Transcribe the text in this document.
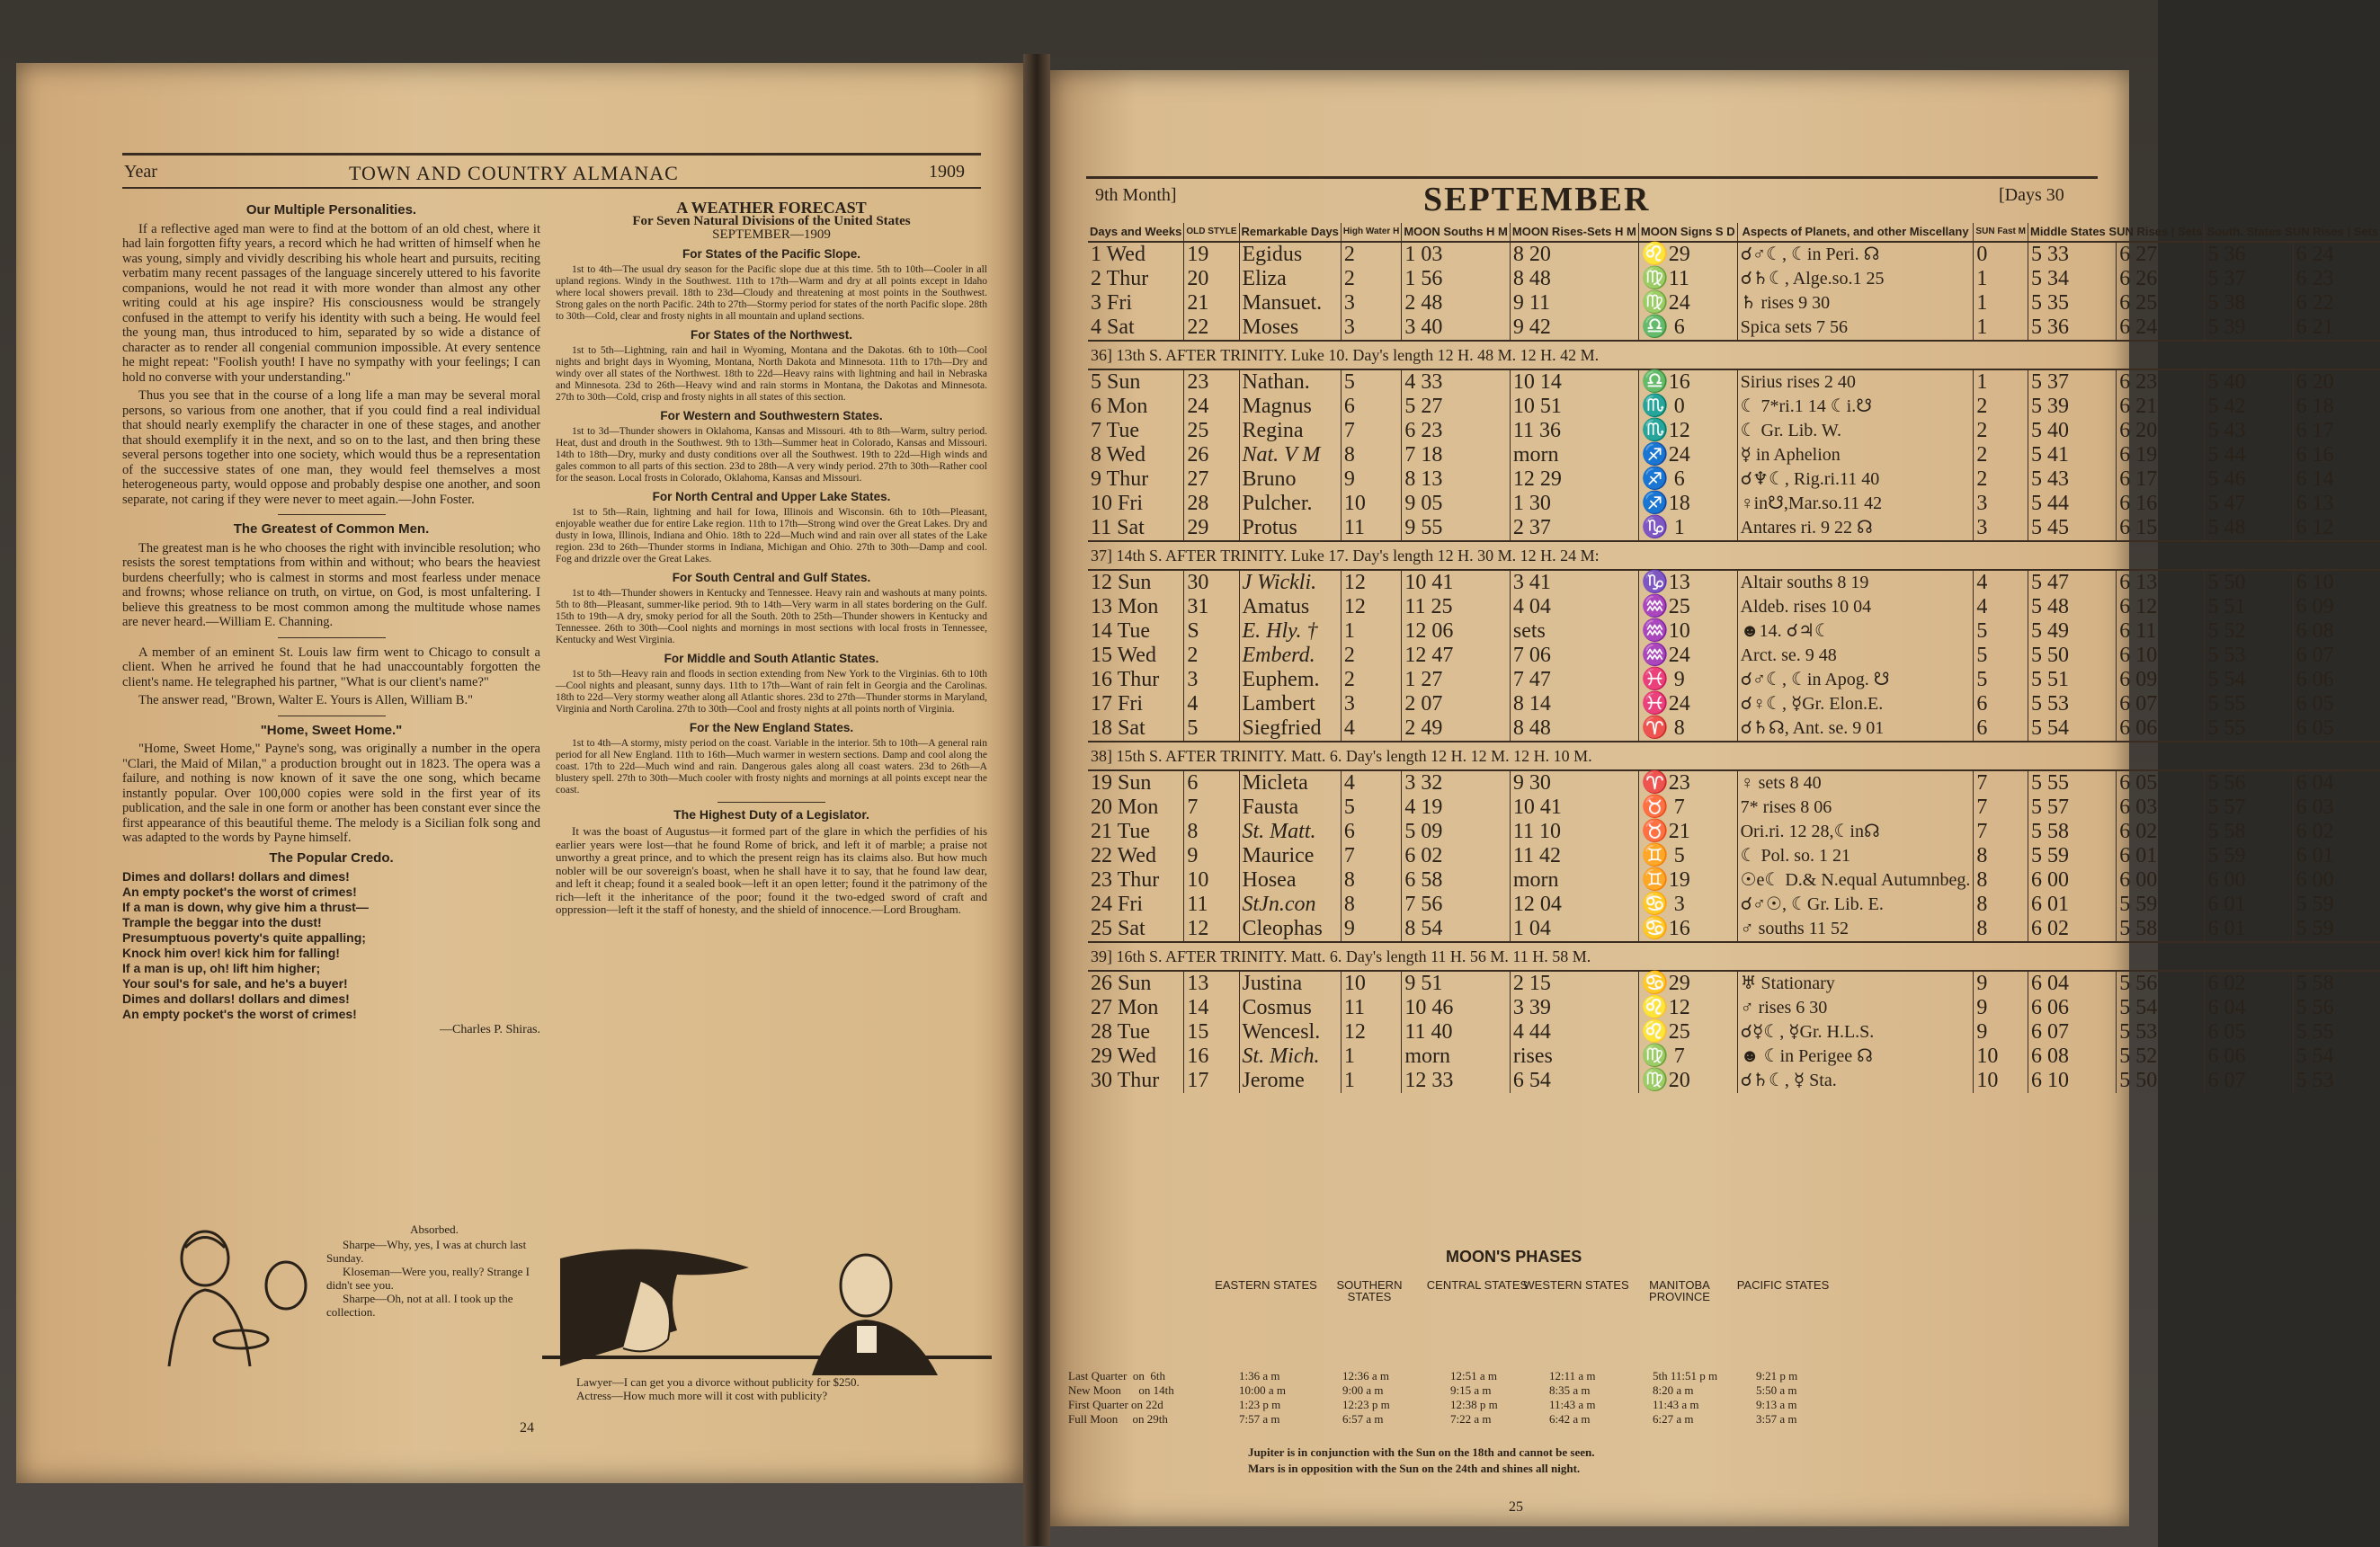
Year	TOWN AND COUNTRY ALMANAC	1909
Our Multiple Personalities.

If a reflective aged man were to find at the bottom of an old chest, where it had lain forgotten fifty years, a record which he had written of himself when he was young, simply and vividly describing his whole heart and pursuits, reciting verbatim many recent passages of the language sincerely uttered to his favorite companions, would he not read it with more wonder than almost any other writing could at his age inspire? His consciousness would be strangely confused in the attempt to verify his identity with such a being. He would feel the young man, thus introduced to him, separated by so wide a distance of character as to render all congenial communion impossible. At every sentence he might repeat: "Foolish youth! I have no sympathy with your feelings; I can hold no converse with your understanding."

Thus you see that in the course of a long life a man may be several moral persons, so various from one another, that if you could find a real individual that should nearly exemplify the character in one of these stages, and another that should exemplify it in the next, and so on to the last, and then bring these several persons together into one society, which would thus be a representation of the successive states of one man, they would feel themselves a most heterogeneous party, would oppose and probably despise one another, and soon separate, not caring if they were never to meet again.—John Foster.

The Greatest of Common Men.

The greatest man is he who chooses the right with invincible resolution; who resists the sorest temptations from within and without; who bears the heaviest burdens cheerfully; who is calmest in storms and most fearless under menace and frowns; whose reliance on truth, on virtue, on God, is most unfaltering. I believe this greatness to be most common among the multitude whose names are never heard.—William E. Channing.

A member of an eminent St. Louis law firm went to Chicago to consult a client. When he arrived he found that he had unaccountably forgotten the client's name. He telegraphed his partner, "What is our client's name?"

The answer read, "Brown, Walter E. Yours is Allen, William B."

"Home, Sweet Home."

"Home, Sweet Home," Payne's song, was originally a number in the opera "Clari, the Maid of Milan," a production brought out in 1823. The opera was a failure, and nothing is now known of it save the one song, which became instantly popular. Over 100,000 copies were sold in the first year of its publication, and the sale in one form or another has been constant ever since the first appearance of this beautiful theme. The melody is a Sicilian folk song and was adapted to the words by Payne himself.

The Popular Credo.
Dimes and dollars! dollars and dimes!
An empty pocket's the worst of crimes!
If a man is down, why give him a thrust—
Trample the beggar into the dust!
Presumptuous poverty's quite appalling;
Knock him over! kick him for falling!
If a man is up, oh! lift him higher;
Your soul's for sale, and he's a buyer!
Dimes and dollars! dollars and dimes!
An empty pocket's the worst of crimes!
—Charles P. Shiras.
Absorbed.
Sharpe—Why, yes, I was at church last Sunday.
Kloseman—Were you, really? Strange I didn't see you.
Sharpe—Oh, not at all. I took up the collection.
A WEATHER FORECAST
For Seven Natural Divisions of the United States
SEPTEMBER—1909
For States of the Pacific Slope.

1st to 4th—The usual dry season for the Pacific slope due at this time. 5th to 10th—Cooler in all upland regions. Windy in the Southwest. 11th to 17th—Warm and dry at all points except in Idaho where local showers prevail. 18th to 23d—Cloudy and threatening at most points in the Southwest. Strong gales on the north Pacific. 24th to 27th—Stormy period for states of the north Pacific slope. 28th to 30th—Cold, clear and frosty nights in all mountain and upland sections.

For States of the Northwest.

1st to 5th—Lightning, rain and hail in Wyoming, Montana and the Dakotas. 6th to 10th—Cool nights and bright days in Wyoming, Montana, North Dakota and Minnesota. 11th to 17th—Dry and windy over all states of the Northwest. 18th to 22d—Heavy rains with lightning and hail in Nebraska and Minnesota. 23d to 26th—Heavy wind and rain storms in Montana, the Dakotas and Minnesota. 27th to 30th—Cold, crisp and frosty nights in all states of this section.

For Western and Southwestern States.

1st to 3d—Thunder showers in Oklahoma, Kansas and Missouri. 4th to 8th—Warm, sultry period. Heat, dust and drouth in the Southwest. 9th to 13th—Summer heat in Colorado, Kansas and Missouri. 14th to 18th—Dry, murky and dusty conditions over all the Southwest. 19th to 22d—High winds and gales common to all parts of this section. 23d to 28th—A very windy period. 27th to 30th—Rather cool for the season. Local frosts in Colorado, Oklahoma, Kansas and Missouri.

For North Central and Upper Lake States.

1st to 5th—Rain, lightning and hail for Iowa, Illinois and Wisconsin. 6th to 10th—Pleasant, enjoyable weather due for entire Lake region. 11th to 17th—Strong wind over the Great Lakes. Dry and dusty in Iowa, Illinois, Indiana and Ohio. 18th to 22d—Much wind and rain over all states of the Lake region. 23d to 26th—Thunder storms in Indiana, Michigan and Ohio. 27th to 30th—Damp and cool. Fog and drizzle over the Great Lakes.

For South Central and Gulf States.

1st to 4th—Thunder showers in Kentucky and Tennessee. Heavy rain and washouts at many points. 5th to 8th—Pleasant, summer-like period. 9th to 14th—Very warm in all states bordering on the Gulf. 15th to 19th—A dry, smoky period for all the South. 20th to 25th—Thunder showers in Kentucky and Tennessee. 26th to 30th—Cool nights and mornings in most sections with local frosts in Tennessee, Kentucky and West Virginia.

For Middle and South Atlantic States.

1st to 5th—Heavy rain and floods in section extending from New York to the Virginias. 6th to 10th—Cool nights and pleasant, sunny days. 11th to 17th—Want of rain felt in Georgia and the Carolinas. 18th to 22d—Very stormy weather along all Atlantic shores. 23d to 27th—Thunder storms in Maryland, Virginia and North Carolina. 27th to 30th—Cool and frosty nights at all points north of Virginia.

For the New England States.

1st to 4th—A stormy, misty period on the coast. Variable in the interior. 5th to 10th—A general rain period for all New England. 11th to 16th—Much warmer in western sections. Damp and cool along the coast. 17th to 22d—Much wind and rain. Dangerous gales along all coast waters. 23d to 26th—A blustery spell. 27th to 30th—Much cooler with frosty nights and mornings at all points except near the coast.

The Highest Duty of a Legislator.

It was the boast of Augustus—it formed part of the glare in which the perfidies of his earlier years were lost—that he found Rome of brick, and left it of marble; a praise not unworthy a great prince, and to which the present reign has its claims also. But how much nobler will be our sovereign's boast, when he shall have it to say, that he found law dear, and left it cheap; found it a sealed book—left it an open letter; found it the patrimony of the rich—left it the inheritance of the poor; found it the two-edged sword of craft and oppression—left it the staff of honesty, and the shield of innocence.—Lord Brougham.

Lawyer—I can get you a divorce without publicity for $250.
Actress—How much more will it cost with publicity?
24
9th Month]	SEPTEMBER	[Days 30
Days and Weeks	OLD STYLE	Remarkable Days	High Water H	MOON Souths H M	MOON Rises-Sets H M	MOON Signs S D	Aspects of Planets, and other Miscellany	SUN Fast M	Middle States SUN Rises | Sets		South. States SUN Rises | Sets	
1 Wed	19	Egidus	2	1 03	8 20	♌29	☌♂☾, ☾in Peri. ☊	0	5 33	6 27	5 36	6 24
2 Thur	20	Eliza	2	1 56	8 48	♍11	☌♄☾, Alge.so.1 25	1	5 34	6 26	5 37	6 23
3 Fri	21	Mansuet.	3	2 48	9 11	♍24	♄ rises 9 30	1	5 35	6 25	5 38	6 22
4 Sat	22	Moses	3	3 40	9 42	♎ 6	Spica sets 7 56	1	5 36	6 24	5 39	6 21
36] 13th S. AFTER TRINITY. Luke 10. Day's length 12 H. 48 M. 12 H. 42 M.												
5 Sun	23	Nathan.	5	4 33	10 14	♎16	Sirius rises 2 40	1	5 37	6 23	5 40	6 20
6 Mon	24	Magnus	6	5 27	10 51	♏ 0	☾ 7*ri.1 14 ☾i.☋	2	5 39	6 21	5 42	6 18
7 Tue	25	Regina	7	6 23	11 36	♏12	☾ Gr. Lib. W.	2	5 40	6 20	5 43	6 17
8 Wed	26	Nat. V M	8	7 18	morn	♐24	☿ in Aphelion	2	5 41	6 19	5 44	6 16
9 Thur	27	Bruno	9	8 13	12 29	♐ 6	☌♆☾, Rig.ri.11 40	2	5 43	6 17	5 46	6 14
10 Fri	28	Pulcher.	10	9 05	1 30	♐18	♀in☋,Mar.so.11 42	3	5 44	6 16	5 47	6 13
11 Sat	29	Protus	11	9 55	2 37	♑ 1	Antares ri. 9 22 ☊	3	5 45	6 15	5 48	6 12
37] 14th S. AFTER TRINITY. Luke 17. Day's length 12 H. 30 M. 12 H. 24 M:												
12 Sun	30	J Wickli.	12	10 41	3 41	♑13	Altair souths 8 19	4	5 47	6 13	5 50	6 10
13 Mon	31	Amatus	12	11 25	4 04	♒25	Aldeb. rises 10 04	4	5 48	6 12	5 51	6 09
14 Tue	S	E. Hly. †	1	12 06	sets	♒10	☻14. ☌♃☾	5	5 49	6 11	5 52	6 08
15 Wed	2	Emberd.	2	12 47	7 06	♒24	Arct. se. 9 48	5	5 50	6 10	5 53	6 07
16 Thur	3	Euphem.	2	1 27	7 47	♓ 9	☌♂☾, ☾in Apog. ☋	5	5 51	6 09	5 54	6 06
17 Fri	4	Lambert	3	2 07	8 14	♓24	☌♀☾, ☿Gr. Elon.E.	6	5 53	6 07	5 55	6 05
18 Sat	5	Siegfried	4	2 49	8 48	♈ 8	☌♄☊, Ant. se. 9 01	6	5 54	6 06	5 55	6 05
38] 15th S. AFTER TRINITY. Matt. 6. Day's length 12 H. 12 M. 12 H. 10 M.												
19 Sun	6	Micleta	4	3 32	9 30	♈23	♀ sets 8 40	7	5 55	6 05	5 56	6 04
20 Mon	7	Fausta	5	4 19	10 41	♉ 7	7* rises 8 06	7	5 57	6 03	5 57	6 03
21 Tue	8	St. Matt.	6	5 09	11 10	♉21	Ori.ri. 12 28,☾in☊	7	5 58	6 02	5 58	6 02
22 Wed	9	Maurice	7	6 02	11 42	♊ 5	☾ Pol. so. 1 21	8	5 59	6 01	5 59	6 01
23 Thur	10	Hosea	8	6 58	morn	♊19	☉e☾ D.& N.equal Autumnbeg.	8	6 00	6 00	6 00	6 00
24 Fri	11	StJn.con	8	7 56	12 04	♋ 3	☌♂☉, ☾Gr. Lib. E.	8	6 01	5 59	6 01	5 59
25 Sat	12	Cleophas	9	8 54	1 04	♋16	♂ souths 11 52	8	6 02	5 58	6 01	5 59
39] 16th S. AFTER TRINITY. Matt. 6. Day's length 11 H. 56 M. 11 H. 58 M.												
26 Sun	13	Justina	10	9 51	2 15	♋29	♅ Stationary	9	6 04	5 56	6 02	5 58
27 Mon	14	Cosmus	11	10 46	3 39	♌12	♂ rises 6 30	9	6 06	5 54	6 04	5 56
28 Tue	15	Wencesl.	12	11 40	4 44	♌25	☌☿☾, ☿Gr. H.L.S.	9	6 07	5 53	6 05	5 55
29 Wed	16	St. Mich.	1	morn	rises	♍ 7	☻ ☾in Perigee ☊	10	6 08	5 52	6 06	5 54
30 Thur	17	Jerome	1	12 33	6 54	♍20	☌♄☾, ☿ Sta.	10	6 10	5 50	6 07	5 53
MOON'S PHASES
EASTERN STATES	SOUTHERN STATES
CENTRAL STATES
WESTERN STATES	MANITOBA PROVINCE
PACIFIC STATES
Last Quarter  on  6th	1:36 a m	12:36 a m	12:51 a m	12:11 a m	5th 11:51 p m	9:21 p m
New Moon      on 14th	10:00 a m	9:00 a m	9:15 a m	8:35 a m	8:20 a m	5:50 a m
First Quarter on 22d	1:23 p m	12:23 p m	12:38 p m	11:43 a m	11:43 a m	9:13 a m
Full Moon     on 29th	7:57 a m	6:57 a m	7:22 a m	6:42 a m	6:27 a m	3:57 a m
Jupiter is in conjunction with the Sun on the 18th and cannot be seen.
Mars is in opposition with the Sun on the 24th and shines all night.
25
